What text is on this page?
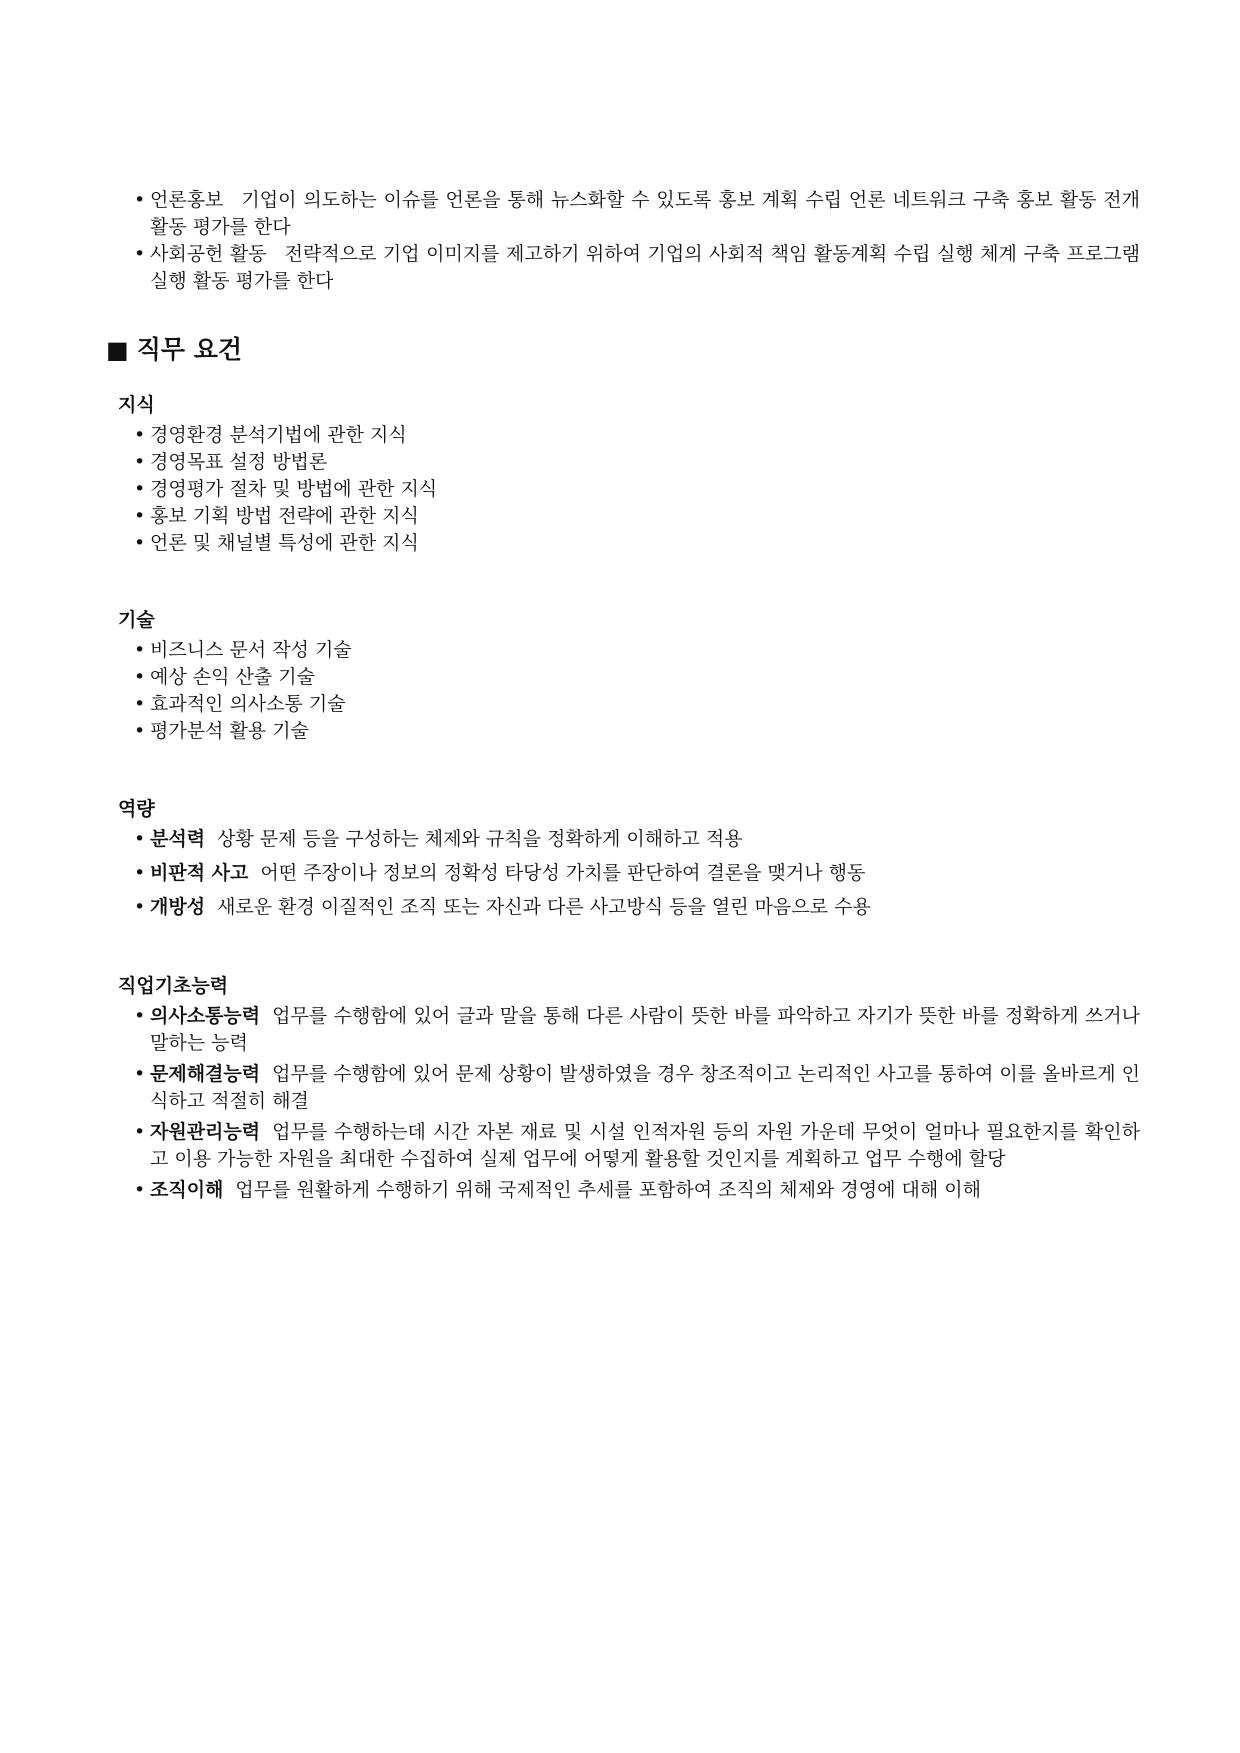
• 언론홍보 기업이 의도하는 이슈를 언론을 통해 뉴스화할 수 있도록 홍보 계획 수립 언론 네트워크 구축 홍보 활동 전개 활동 평가를 한다
• 사회공헌 활동 전략적으로 기업 이미지를 제고하기 위하여 기업의 사회적 책임 활동계획 수립 실행 체계 구축 프로그램 실행 활동 평가를 한다
■ 직무 요건
지식
• 경영환경 분석기법에 관한 지식
• 경영목표 설정 방법론
• 경영평가 절차 및 방법에 관한 지식
• 홍보 기획 방법 전략에 관한 지식
• 언론 및 채널별 특성에 관한 지식
기술
• 비즈니스 문서 작성 기술
• 예상 손익 산출 기술
• 효과적인 의사소통 기술
• 평가분석 활용 기술
역량
• 분석력 상황 문제 등을 구성하는 체제와 규칙을 정확하게 이해하고 적용
• 비판적 사고 어떤 주장이나 정보의 정확성 타당성 가치를 판단하여 결론을 맺거나 행동
• 개방성 새로운 환경 이질적인 조직 또는 자신과 다른 사고방식 등을 열린 마음으로 수용
직업기초능력
• 의사소통능력 업무를 수행함에 있어 글과 말을 통해 다른 사람이 뜻한 바를 파악하고 자기가 뜻한 바를 정확하게 쓰거나 말하는 능력
• 문제해결능력 업무를 수행함에 있어 문제 상황이 발생하였을 경우 창조적이고 논리적인 사고를 통하여 이를 올바르게 인식하고 적절히 해결
• 자원관리능력 업무를 수행하는데 시간 자본 재료 및 시설 인적자원 등의 자원 가운데 무엇이 얼마나 필요한지를 확인하고 이용 가능한 자원을 최대한 수집하여 실제 업무에 어떻게 활용할 것인지를 계획하고 업무 수행에 할당
• 조직이해 업무를 원활하게 수행하기 위해 국제적인 추세를 포함하여 조직의 체제와 경영에 대해 이해
